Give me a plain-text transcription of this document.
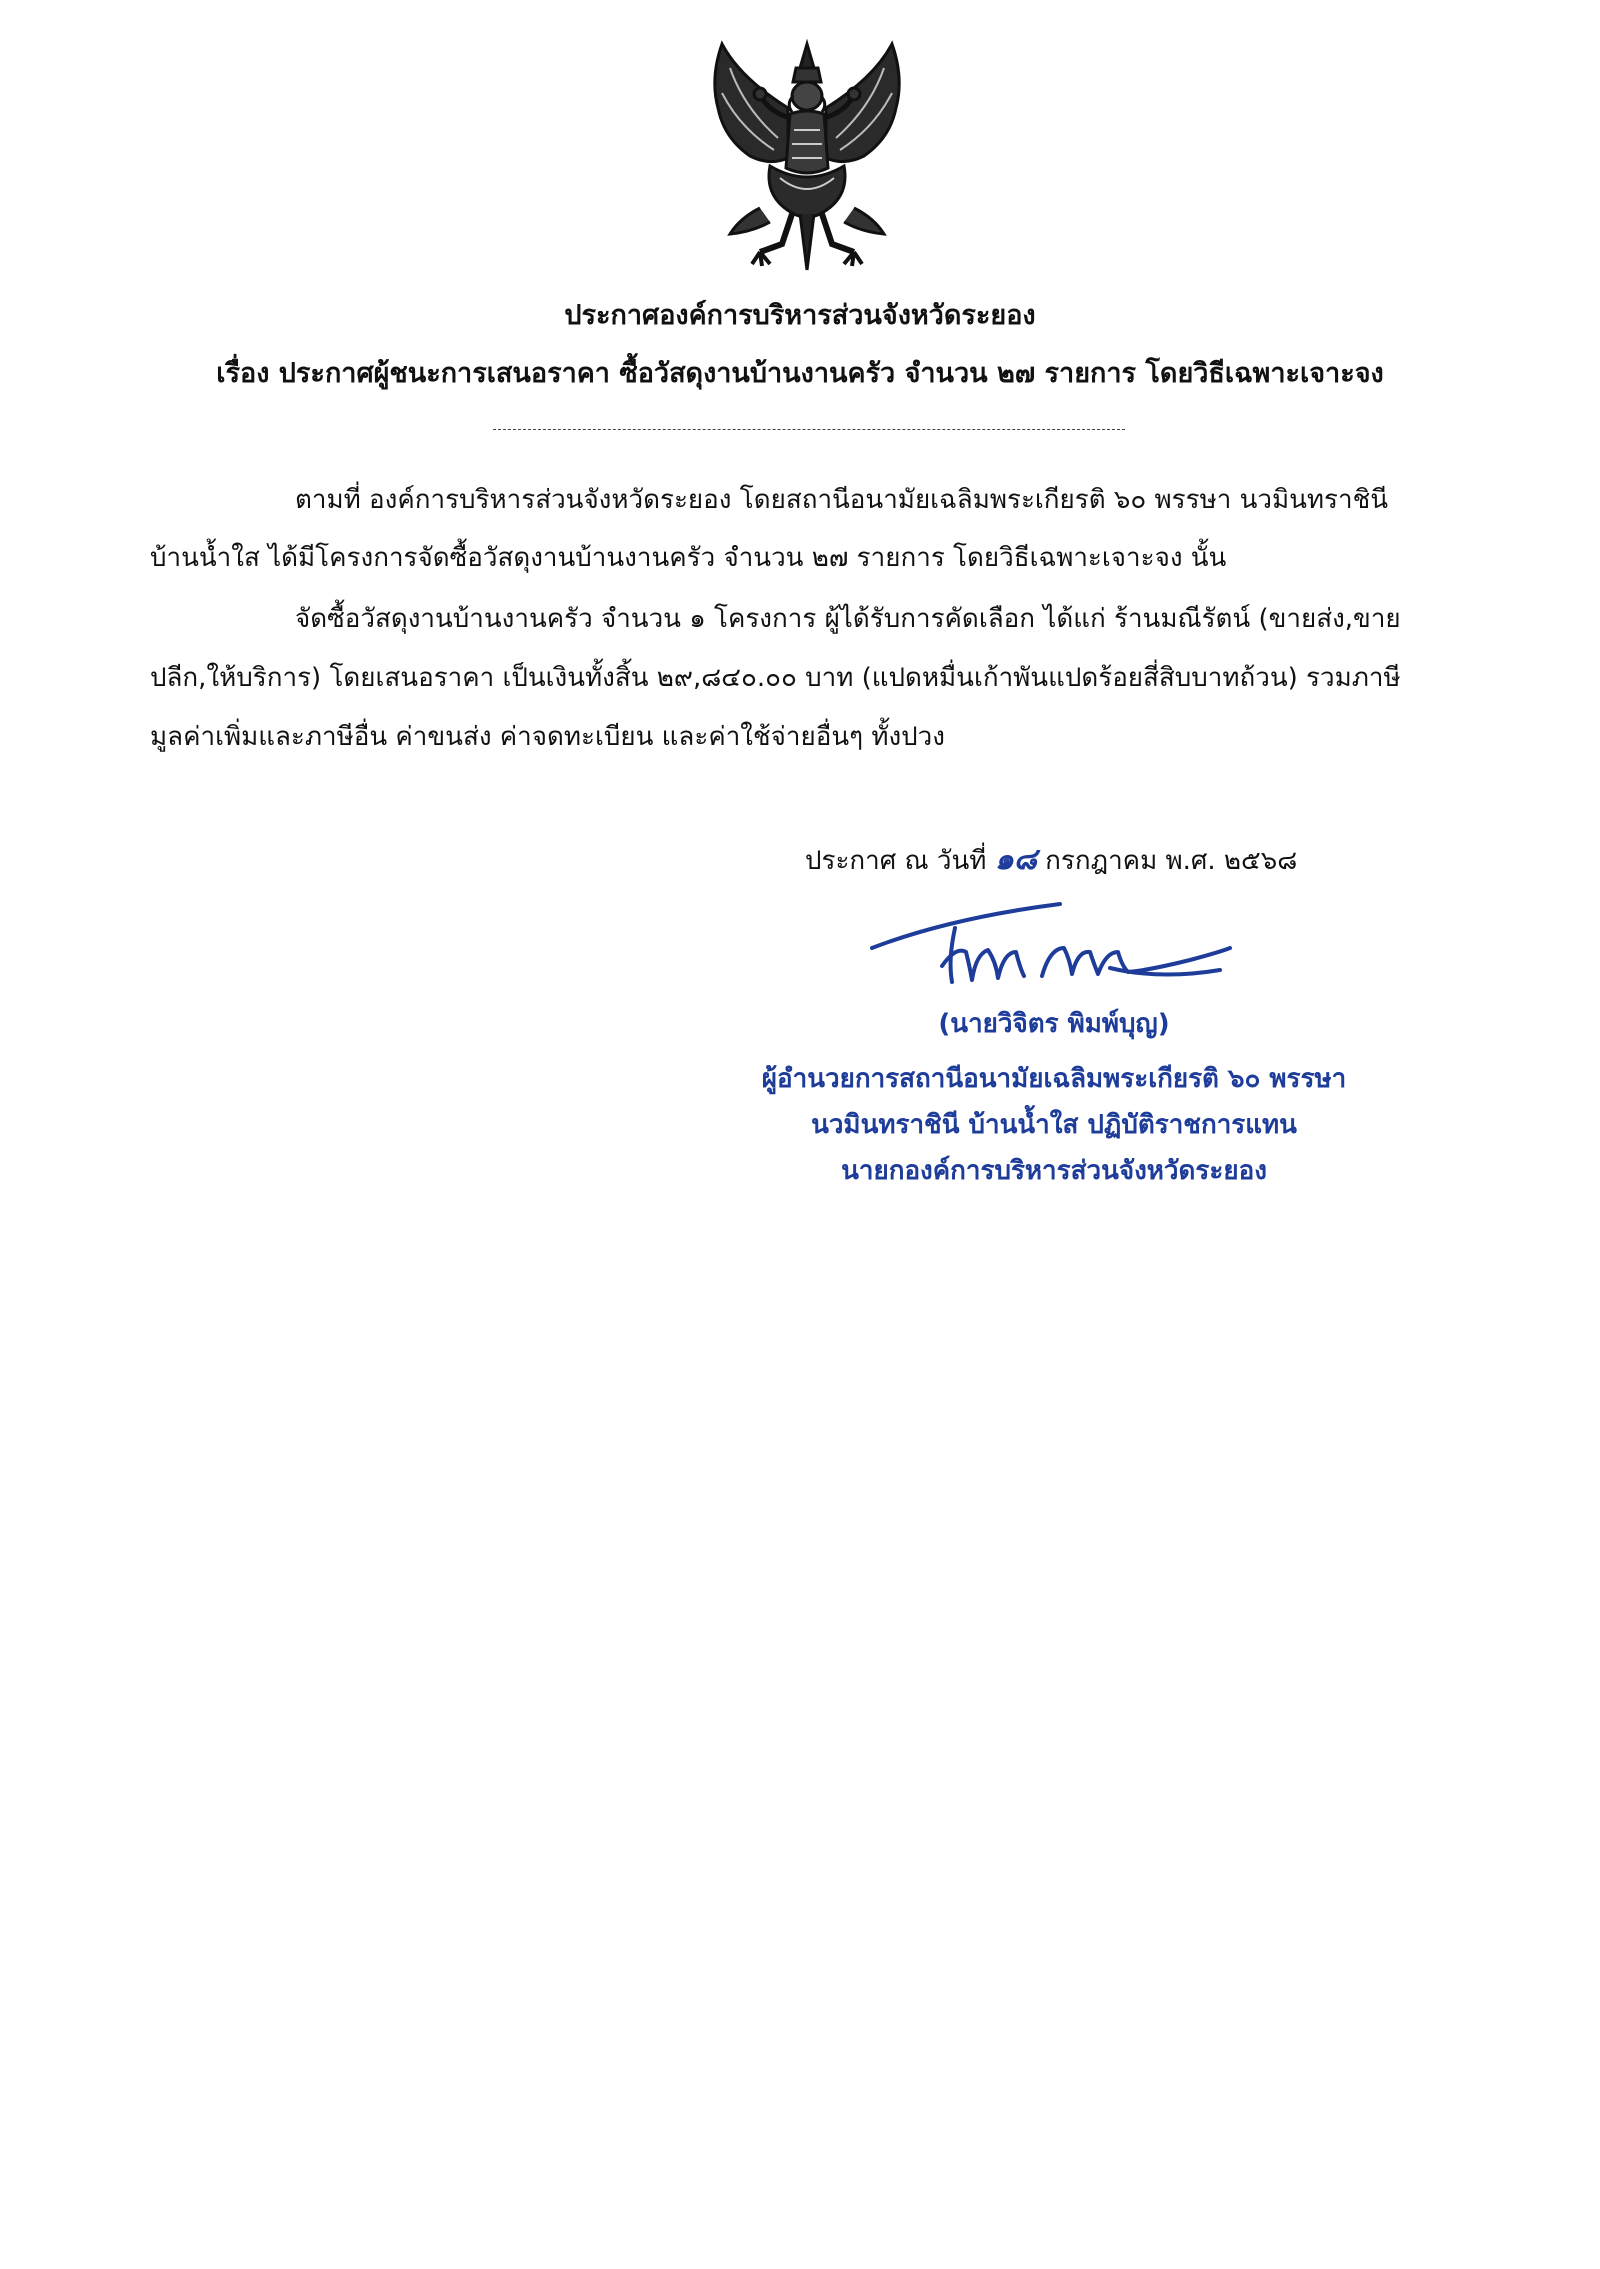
ประกาศองค์การบริหารส่วนจังหวัดระยอง
เรื่อง ประกาศผู้ชนะการเสนอราคา ซื้อวัสดุงานบ้านงานครัว จำนวน ๒๗ รายการ โดยวิธีเฉพาะเจาะจง
ตามที่ องค์การบริหารส่วนจังหวัดระยอง โดยสถานีอนามัยเฉลิมพระเกียรติ ๖๐ พรรษา นวมินทราชินี
บ้านน้ำใส ได้มีโครงการจัดซื้อวัสดุงานบ้านงานครัว จำนวน ๒๗ รายการ โดยวิธีเฉพาะเจาะจง นั้น
จัดซื้อวัสดุงานบ้านงานครัว จำนวน ๑ โครงการ ผู้ได้รับการคัดเลือก ได้แก่ ร้านมณีรัตน์ (ขายส่ง,ขาย
ปลีก,ให้บริการ) โดยเสนอราคา เป็นเงินทั้งสิ้น ๒๙,๘๔๐.๐๐ บาท (แปดหมื่นเก้าพันแปดร้อยสี่สิบบาทถ้วน) รวมภาษี
มูลค่าเพิ่มและภาษีอื่น ค่าขนส่ง ค่าจดทะเบียน และค่าใช้จ่ายอื่นๆ ทั้งปวง
ประกาศ ณ วันที่ ๑๘ กรกฎาคม พ.ศ. ๒๕๖๘
(นายวิจิตร พิมพ์บุญ)
ผู้อำนวยการสถานีอนามัยเฉลิมพระเกียรติ ๖๐ พรรษา
นวมินทราชินี บ้านน้ำใส ปฏิบัติราชการแทน
นายกองค์การบริหารส่วนจังหวัดระยอง
